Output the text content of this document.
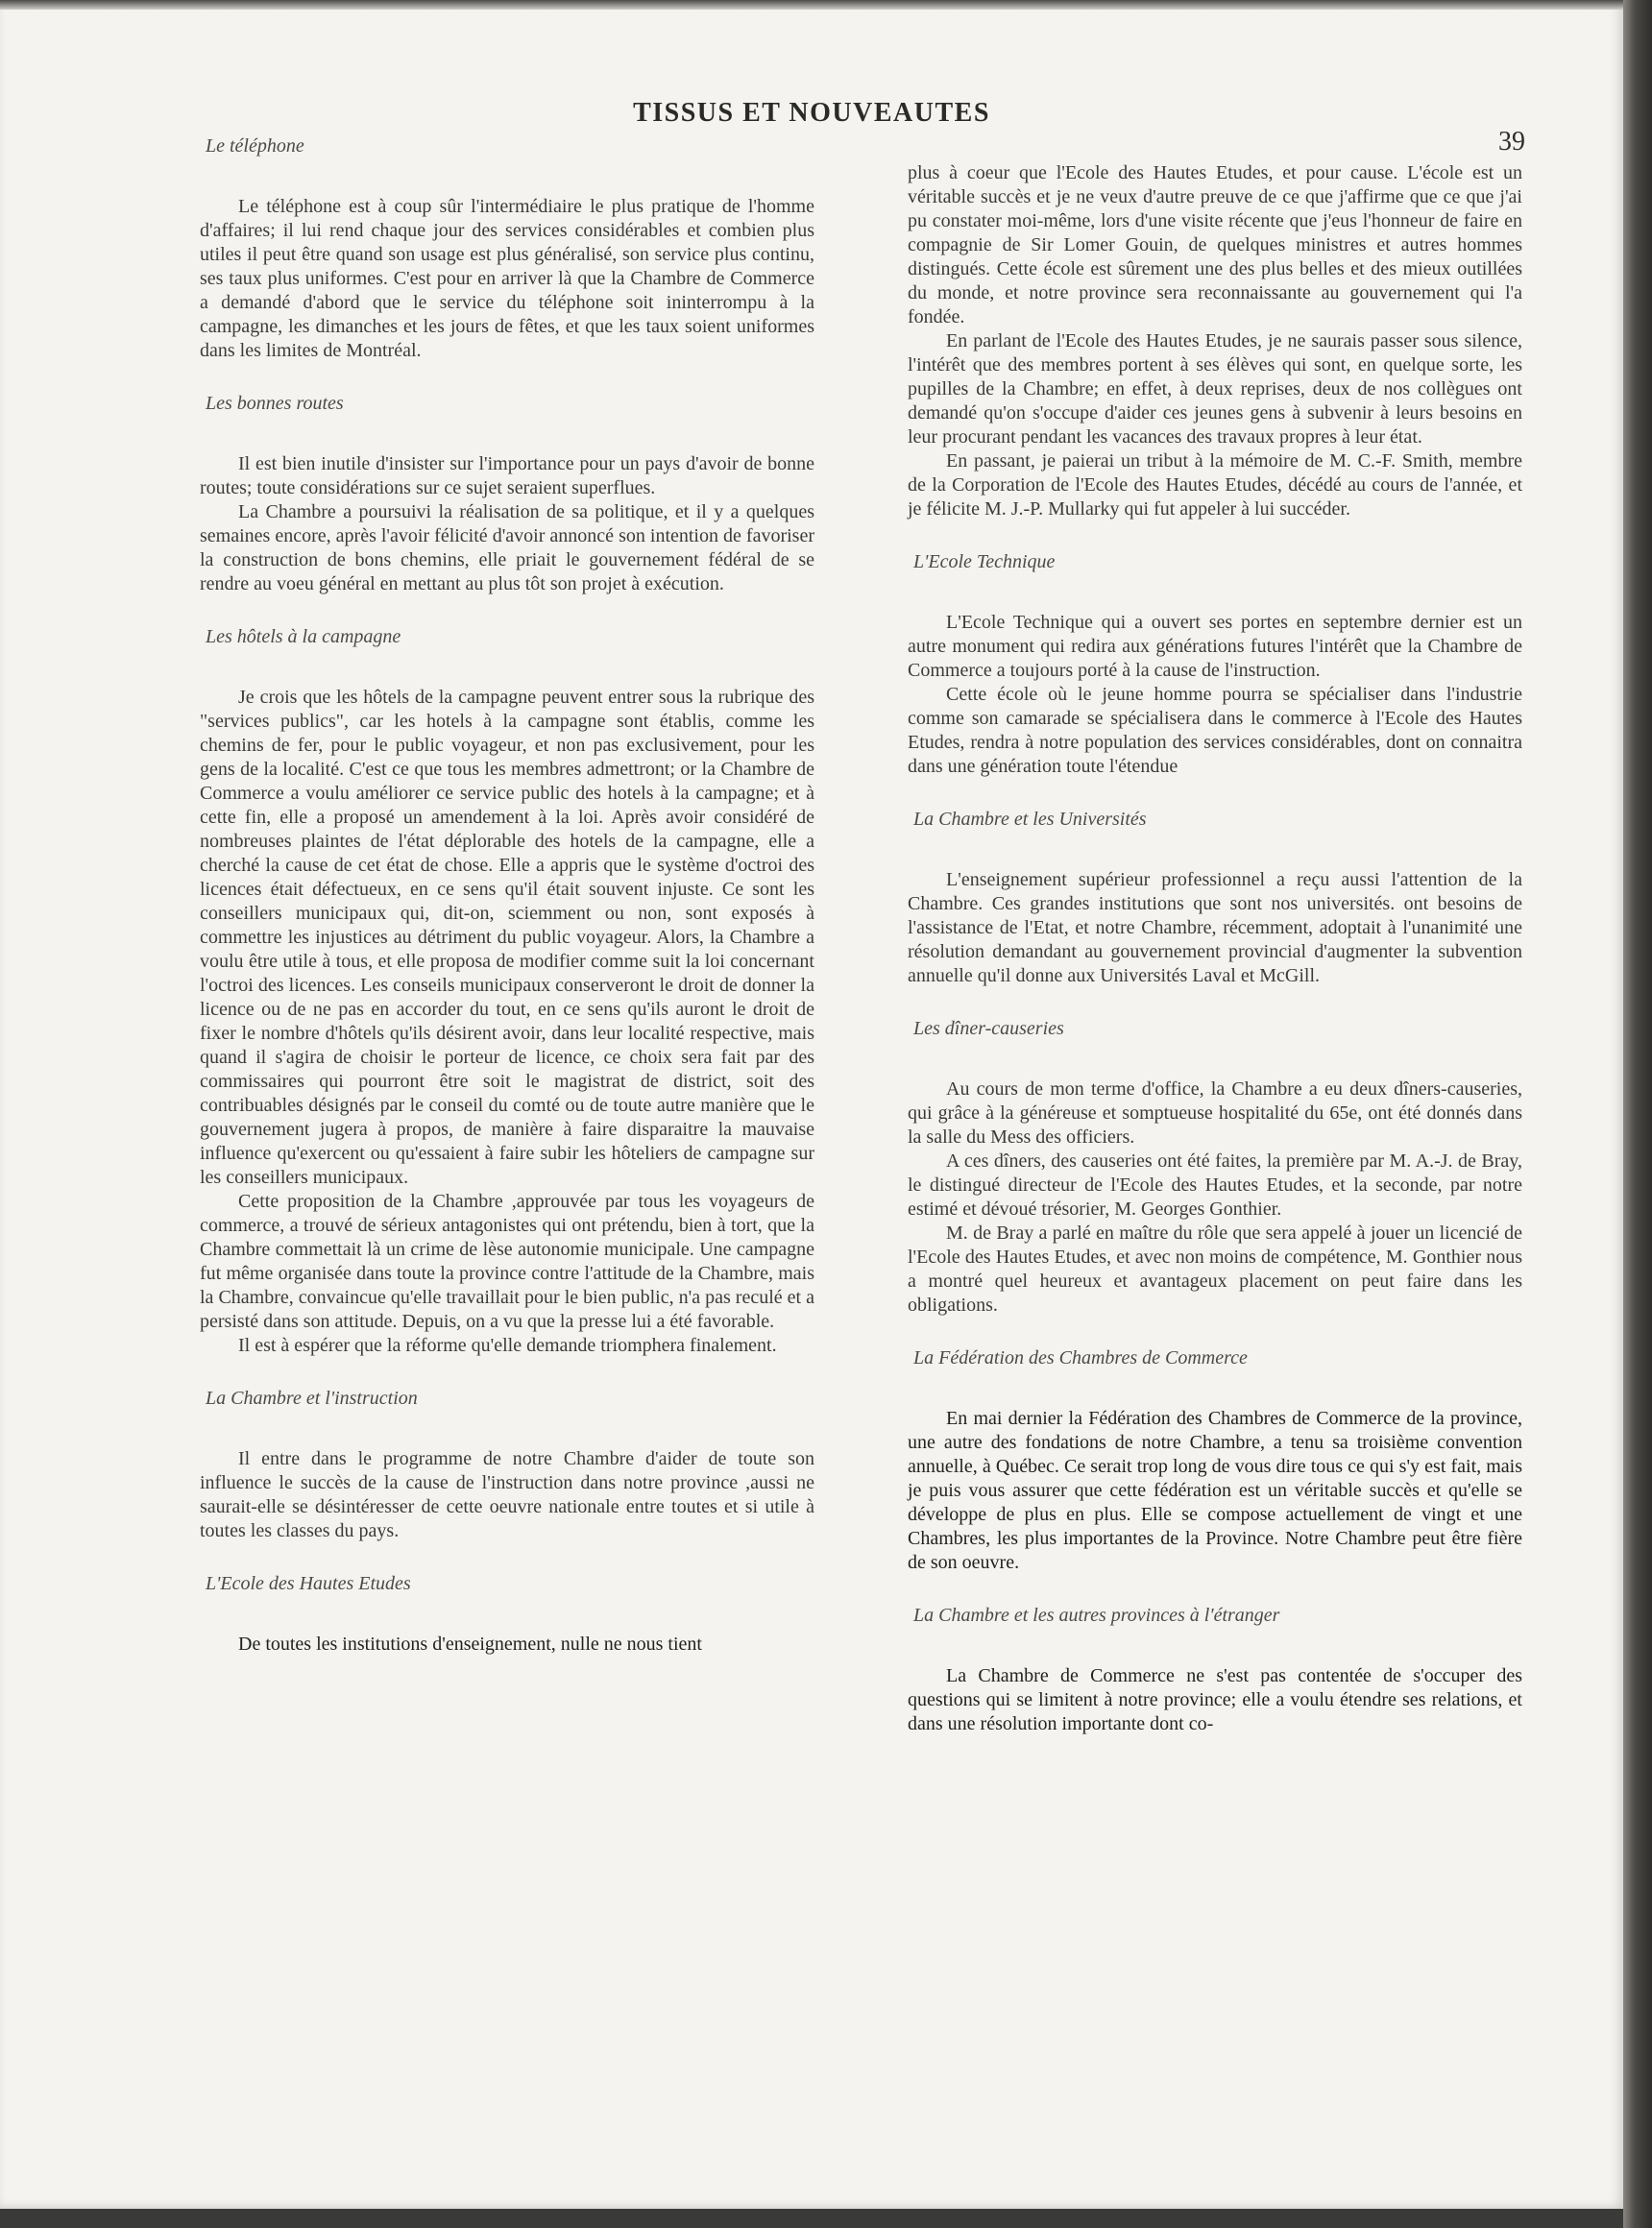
TISSUS ET NOUVEAUTES
39
Le téléphone

Le téléphone est à coup sûr l'intermédiaire le plus pratique de l'homme d'affaires; il lui rend chaque jour des services considérables et combien plus utiles il peut être quand son usage est plus généralisé, son service plus continu, ses taux plus uniformes. C'est pour en arriver là que la Chambre de Commerce a demandé d'abord que le service du téléphone soit ininterrompu à la campagne, les dimanches et les jours de fêtes, et que les taux soient uniformes dans les limites de Montréal.

Les bonnes routes

Il est bien inutile d'insister sur l'importance pour un pays d'avoir de bonne routes; toute considérations sur ce sujet seraient superflues.

La Chambre a poursuivi la réalisation de sa politique, et il y a quelques semaines encore, après l'avoir félicité d'avoir annoncé son intention de favoriser la construction de bons chemins, elle priait le gouvernement fédéral de se rendre au voeu général en mettant au plus tôt son projet à exécution.

Les hôtels à la campagne

Je crois que les hôtels de la campagne peuvent entrer sous la rubrique des "services publics", car les hotels à la campagne sont établis, comme les chemins de fer, pour le public voyageur, et non pas exclusivement, pour les gens de la localité. C'est ce que tous les membres admettront; or la Chambre de Commerce a voulu améliorer ce service public des hotels à la campagne; et à cette fin, elle a proposé un amendement à la loi. Après avoir considéré de nombreuses plaintes de l'état déplorable des hotels de la campagne, elle a cherché la cause de cet état de chose. Elle a appris que le système d'octroi des licences était défectueux, en ce sens qu'il était souvent injuste. Ce sont les conseillers municipaux qui, dit-on, sciemment ou non, sont exposés à commettre les injustices au détriment du public voyageur. Alors, la Chambre a voulu être utile à tous, et elle proposa de modifier comme suit la loi concernant l'octroi des licences. Les conseils municipaux conserveront le droit de donner la licence ou de ne pas en accorder du tout, en ce sens qu'ils auront le droit de fixer le nombre d'hôtels qu'ils désirent avoir, dans leur localité respective, mais quand il s'agira de choisir le porteur de licence, ce choix sera fait par des commissaires qui pourront être soit le magistrat de district, soit des contribuables désignés par le conseil du comté ou de toute autre manière que le gouvernement jugera à propos, de manière à faire disparaitre la mauvaise influence qu'exercent ou qu'essaient à faire subir les hôteliers de campagne sur les conseillers municipaux.

Cette proposition de la Chambre ,approuvée par tous les voyageurs de commerce, a trouvé de sérieux antagonistes qui ont prétendu, bien à tort, que la Chambre commettait là un crime de lèse autonomie municipale. Une campagne fut même organisée dans toute la province contre l'attitude de la Chambre, mais la Chambre, convaincue qu'elle travaillait pour le bien public, n'a pas reculé et a persisté dans son attitude. Depuis, on a vu que la presse lui a été favorable.

Il est à espérer que la réforme qu'elle demande triomphera finalement.

La Chambre et l'instruction

Il entre dans le programme de notre Chambre d'aider de toute son influence le succès de la cause de l'instruction dans notre province ,aussi ne saurait-elle se désintéresser de cette oeuvre nationale entre toutes et si utile à toutes les classes du pays.

L'Ecole des Hautes Etudes

De toutes les institutions d'enseignement, nulle ne nous tient

plus à coeur que l'Ecole des Hautes Etudes, et pour cause. L'école est un véritable succès et je ne veux d'autre preuve de ce que j'affirme que ce que j'ai pu constater moi-même, lors d'une visite récente que j'eus l'honneur de faire en compagnie de Sir Lomer Gouin, de quelques ministres et autres hommes distingués. Cette école est sûrement une des plus belles et des mieux outillées du monde, et notre province sera reconnaissante au gouvernement qui l'a fondée.

En parlant de l'Ecole des Hautes Etudes, je ne saurais passer sous silence, l'intérêt que des membres portent à ses élèves qui sont, en quelque sorte, les pupilles de la Chambre; en effet, à deux reprises, deux de nos collègues ont demandé qu'on s'occupe d'aider ces jeunes gens à subvenir à leurs besoins en leur procurant pendant les vacances des travaux propres à leur état.

En passant, je paierai un tribut à la mémoire de M. C.-F. Smith, membre de la Corporation de l'Ecole des Hautes Etudes, décédé au cours de l'année, et je félicite M. J.-P. Mullarky qui fut appeler à lui succéder.

L'Ecole Technique

L'Ecole Technique qui a ouvert ses portes en septembre dernier est un autre monument qui redira aux générations futures l'intérêt que la Chambre de Commerce a toujours porté à la cause de l'instruction.

Cette école où le jeune homme pourra se spécialiser dans l'industrie comme son camarade se spécialisera dans le commerce à l'Ecole des Hautes Etudes, rendra à notre population des services considérables, dont on connaitra dans une génération toute l'étendue

La Chambre et les Universités

L'enseignement supérieur professionnel a reçu aussi l'attention de la Chambre. Ces grandes institutions que sont nos universités. ont besoins de l'assistance de l'Etat, et notre Chambre, récemment, adoptait à l'unanimité une résolution demandant au gouvernement provincial d'augmenter la subvention annuelle qu'il donne aux Universités Laval et McGill.

Les dîner-causeries

Au cours de mon terme d'office, la Chambre a eu deux dîners-causeries, qui grâce à la généreuse et somptueuse hospitalité du 65e, ont été donnés dans la salle du Mess des officiers.

A ces dîners, des causeries ont été faites, la première par M. A.-J. de Bray, le distingué directeur de l'Ecole des Hautes Etudes, et la seconde, par notre estimé et dévoué trésorier, M. Georges Gonthier.

M. de Bray a parlé en maître du rôle que sera appelé à jouer un licencié de l'Ecole des Hautes Etudes, et avec non moins de compétence, M. Gonthier nous a montré quel heureux et avantageux placement on peut faire dans les obligations.

La Fédération des Chambres de Commerce

En mai dernier la Fédération des Chambres de Commerce de la province, une autre des fondations de notre Chambre, a tenu sa troisième convention annuelle, à Québec. Ce serait trop long de vous dire tous ce qui s'y est fait, mais je puis vous assurer que cette fédération est un véritable succès et qu'elle se développe de plus en plus. Elle se compose actuellement de vingt et une Chambres, les plus importantes de la Province. Notre Chambre peut être fière de son oeuvre.

La Chambre et les autres provinces à l'étranger

La Chambre de Commerce ne s'est pas contentée de s'occuper des questions qui se limitent à notre province; elle a voulu étendre ses relations, et dans une résolution importante dont co-
